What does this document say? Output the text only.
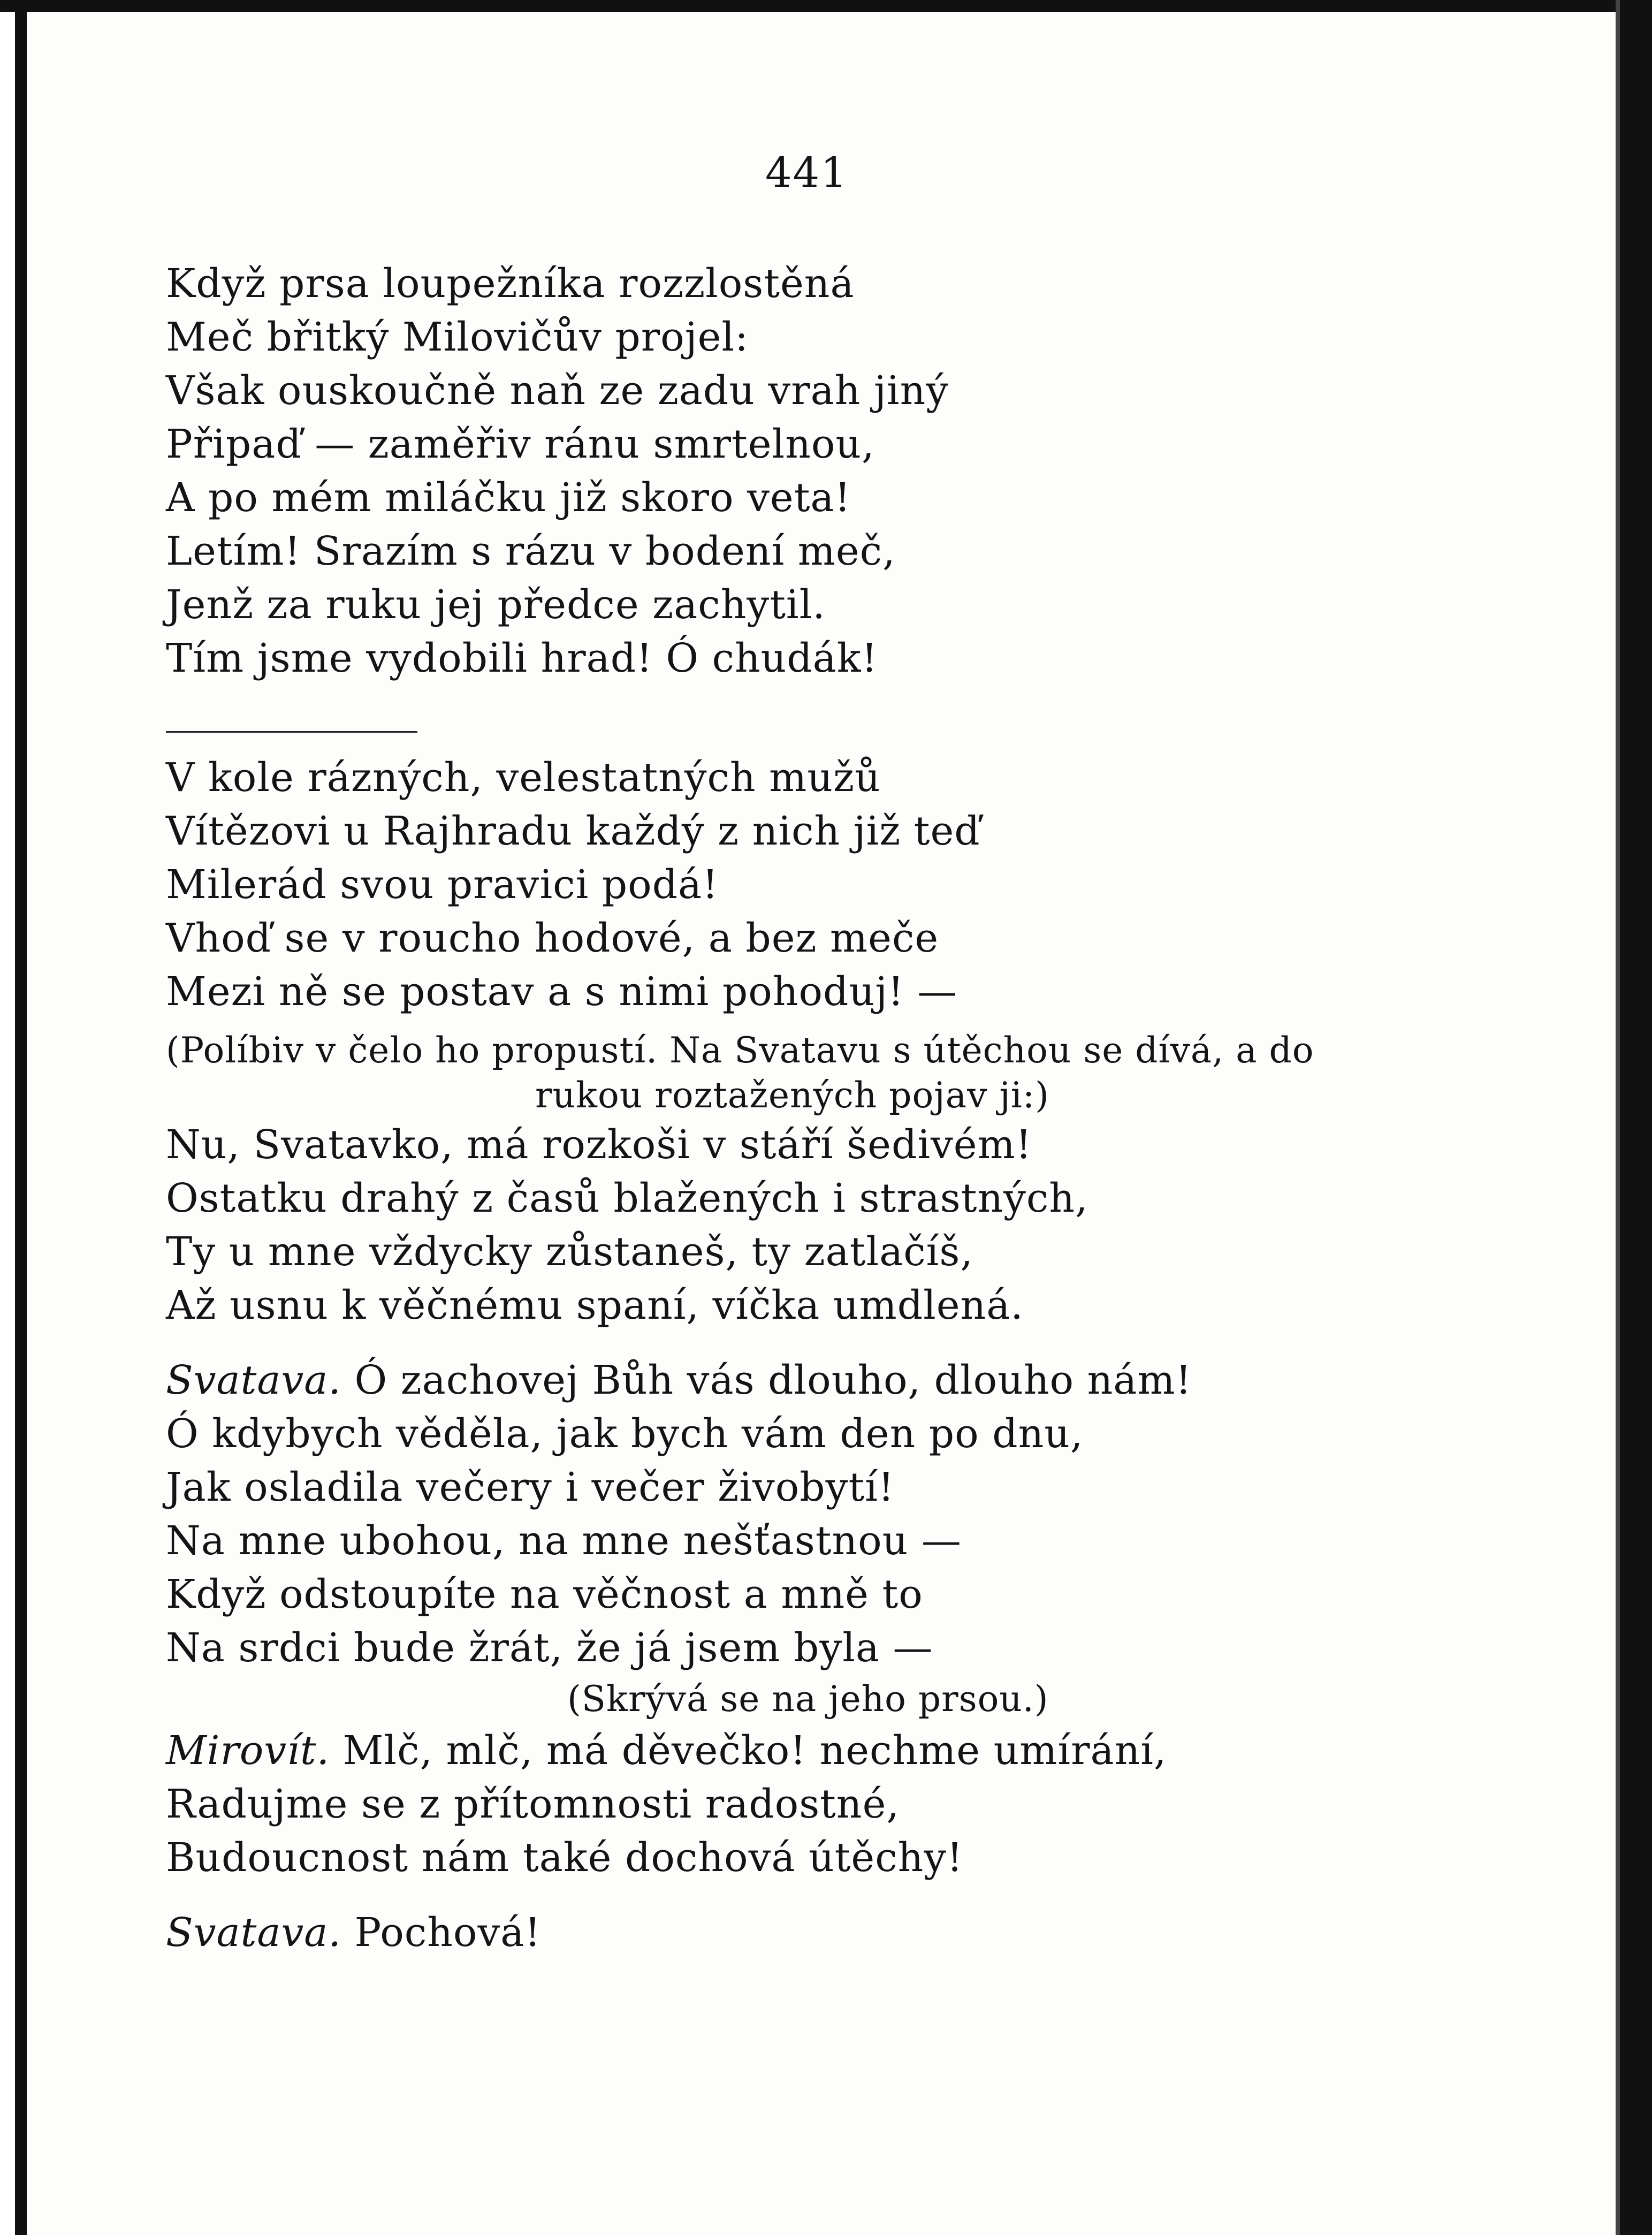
441
Když prsa loupežníka rozzlostěná
Meč břitký Milovičův projel:
Však ouskoučně naň ze zadu vrah jiný
Připaď — zaměřiv ránu smrtelnou,
A po mém miláčku již skoro veta!
Letím! Srazím s rázu v bodení meč,
Jenž za ruku jej předce zachytil.
Tím jsme vydobili hrad! Ó chudák!
V kole rázných, velestatných mužů
Vítězovi u Rajhradu každý z nich již teď
Milerád svou pravici podá!
Vhoď se v roucho hodové, a bez meče
Mezi ně se postav a s nimi pohoduj! —
(Políbiv v čelo ho propustí. Na Svatavu s útěchou se dívá, a do
rukou roztažených pojav ji:)
Nu, Svatavko, má rozkoši v stáří šedivém!
Ostatku drahý z časů blažených i strastných,
Ty u mne vždycky zůstaneš, ty zatlačíš,
Až usnu k věčnému spaní, víčka umdlená.
Svatava. Ó zachovej Bůh vás dlouho, dlouho nám!
Ó kdybych věděla, jak bych vám den po dnu,
Jak osladila večery i večer živobytí!
Na mne ubohou, na mne nešťastnou —
Když odstoupíte na věčnost a mně to
Na srdci bude žrát, že já jsem byla —
(Skrývá se na jeho prsou.)
Mirovít. Mlč, mlč, má děvečko! nechme umírání,
Radujme se z přítomnosti radostné,
Budoucnost nám také dochová útěchy!
Svatava. Pochová!
